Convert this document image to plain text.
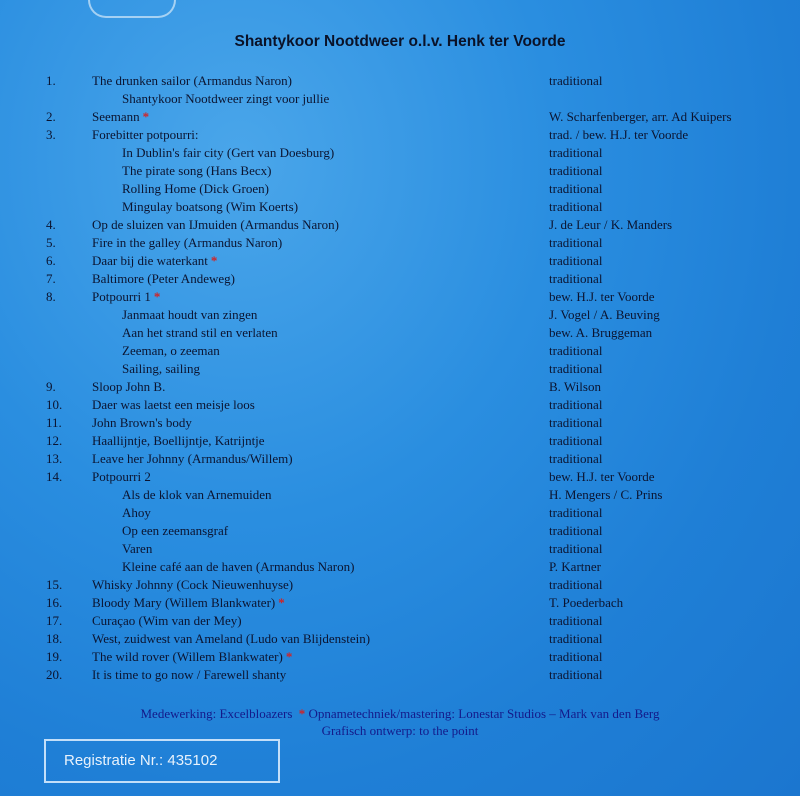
Shantykoor Nootdweer o.l.v. Henk ter Voorde
1.	The drunken sailor (Armandus Naron)	traditional
Shantykoor Nootdweer zingt voor jullie
2.	Seemann *	W. Scharfenberger, arr. Ad Kuipers
3.	Forebitter potpourri:	trad. / bew. H.J. ter Voorde
In Dublin's fair city (Gert van Doesburg)	traditional
The pirate song (Hans Becx)	traditional
Rolling Home (Dick Groen)	traditional
Mingulay boatsong (Wim Koerts)	traditional
4.	Op de sluizen van IJmuiden (Armandus Naron)	J. de Leur / K. Manders
5.	Fire in the galley (Armandus Naron)	traditional
6.	Daar bij die waterkant *	traditional
7.	Baltimore (Peter Andeweg)	traditional
8.	Potpourri 1 *	bew. H.J. ter Voorde
Janmaat houdt van zingen	J. Vogel / A. Beuving
Aan het strand stil en verlaten	bew. A. Bruggeman
Zeeman, o zeeman	traditional
Sailing, sailing	traditional
9.	Sloop John B.	B. Wilson
10. Daer was laetst een meisje loos	traditional
11. John Brown's body	traditional
12. Haallijntje, Boellijntje, Katrijntje	traditional
13. Leave her Johnny (Armandus/Willem)	traditional
14. Potpourri 2	bew. H.J. ter Voorde
Als de klok van Arnemuiden	H. Mengers / C. Prins
Ahoy	traditional
Op een zeemansgraf	traditional
Varen	traditional
Kleine café aan de haven (Armandus Naron)	P. Kartner
15. Whisky Johnny (Cock Nieuwenhuyse)	traditional
16. Bloody Mary (Willem Blankwater) *	T. Poederbach
17. Curaçao (Wim van der Mey)	traditional
18. West, zuidwest van Ameland (Ludo van Blijdenstein)	traditional
19. The wild rover (Willem Blankwater) *	traditional
20. It is time to go now / Farewell shanty	traditional
Medewerking: Excelbloazers * Opnametechniek/mastering: Lonestar Studios – Mark van den Berg
Grafisch ontwerp: to the point
Registratie Nr.: 435102
